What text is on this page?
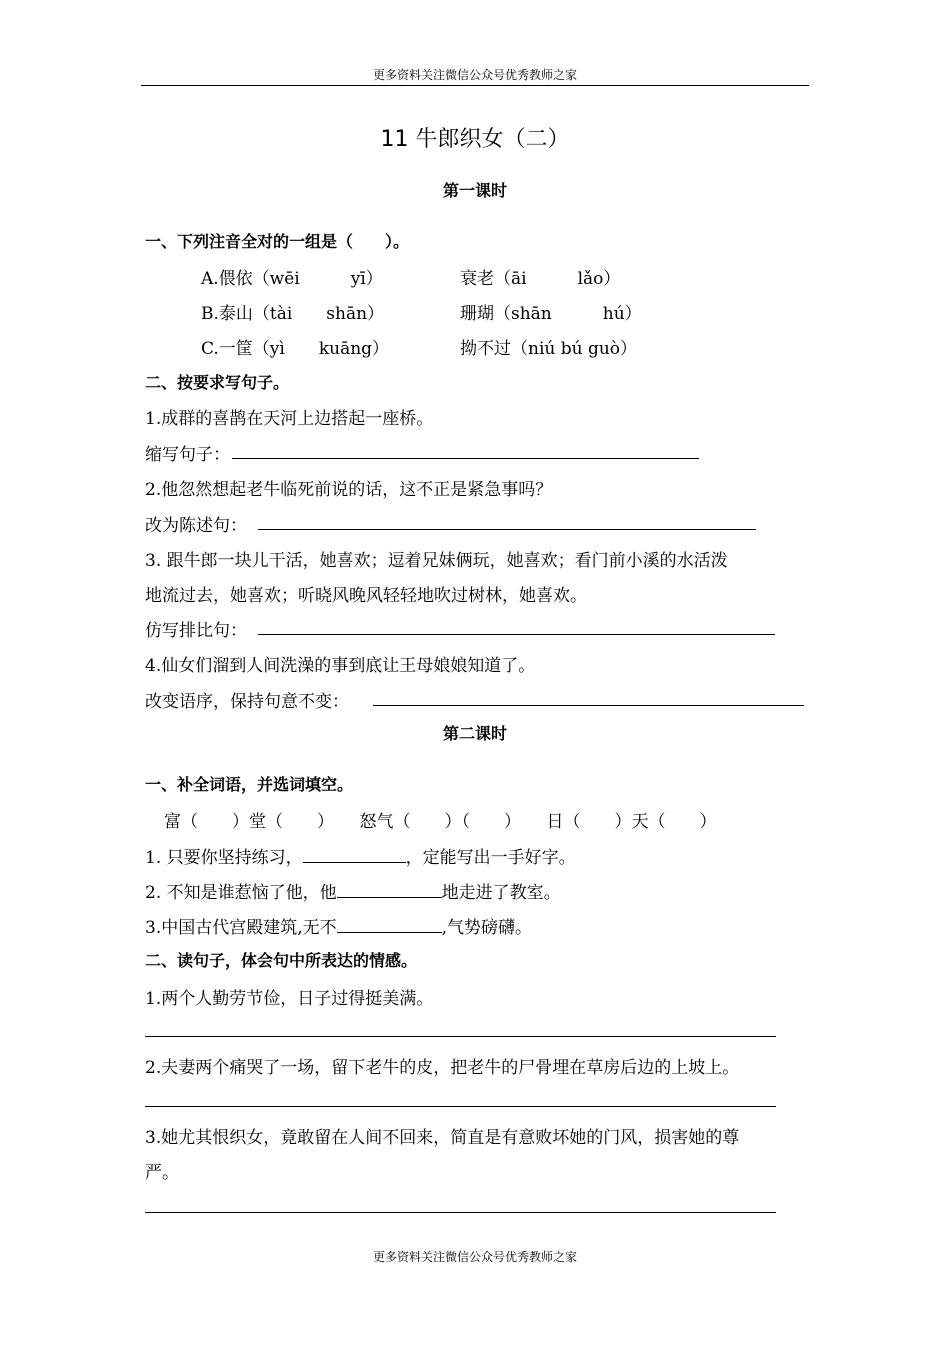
更多资料关注微信公众号优秀教师之家
11 牛郎织女（二）
第一课时
一、下列注音全对的一组是（　　）。
A.偎依（wēi　　　yī）	衰老（āi　　　lǎo）
B.泰山（tài　　shān）	珊瑚（shān　　　hú）
C.一筐（yì　　kuāng）	拗不过（niú bú guò）
二、按要求写句子。
1.成群的喜鹊在天河上边搭起一座桥。
缩写句子：
2.他忽然想起老牛临死前说的话，这不正是紧急事吗？
改为陈述句：
3. 跟牛郎一块儿干活，她喜欢；逗着兄妹俩玩，她喜欢；看门前小溪的水活泼
地流过去，她喜欢；听晓风晚风轻轻地吹过树林，她喜欢。
仿写排比句：
4.仙女们溜到人间洗澡的事到底让王母娘娘知道了。
改变语序，保持句意不变：
第二课时
一、补全词语，并选词填空。
富（　　）堂（　　）　　怒气（　　）（　　）　　日（　　）天（　　）
1. 只要你坚持练习，	，定能写出一手好字。
2. 不知是谁惹恼了他，他	地走进了教室。
3.中国古代宫殿建筑,无不	,气势磅礴。
二、读句子，体会句中所表达的情感。
1.两个人勤劳节俭，日子过得挺美满。
2.夫妻两个痛哭了一场，留下老牛的皮，把老牛的尸骨埋在草房后边的上坡上。
3.她尤其恨织女，竟敢留在人间不回来，简直是有意败坏她的门风，损害她的尊
严。
更多资料关注微信公众号优秀教师之家
